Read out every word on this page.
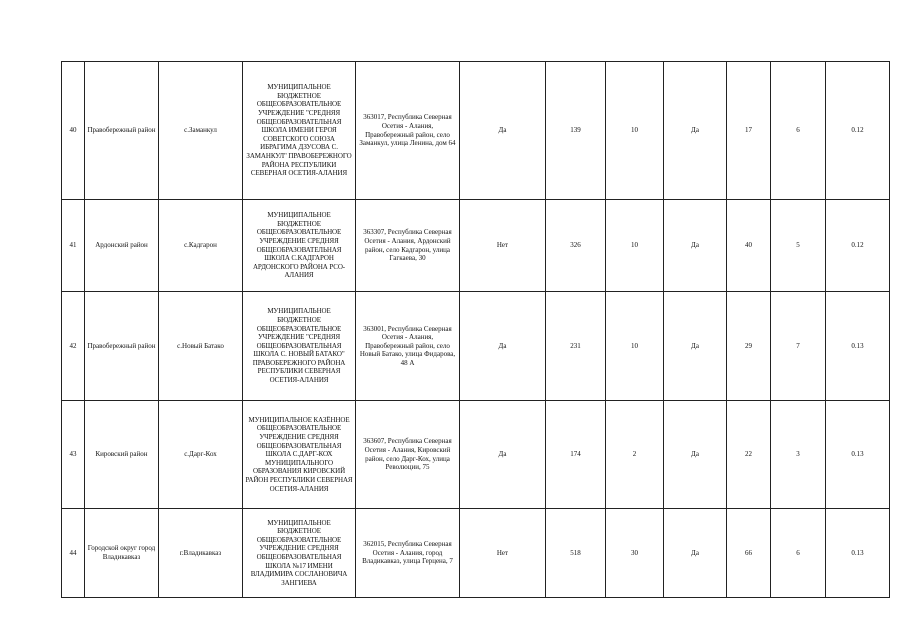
40	Правобережный район	с.Заманкул	МУНИЦИПАЛЬНОЕ БЮДЖЕТНОЕ ОБЩЕОБРАЗОВАТЕЛЬНОЕ УЧРЕЖДЕНИЕ "СРЕДНЯЯ ОБЩЕОБРАЗОВАТЕЛЬНАЯ ШКОЛА ИМЕНИ ГЕРОЯ СОВЕТСКОГО СОЮЗА ИБРАГИМА ДЗУСОВА С. ЗАМАНКУЛ" ПРАВОБЕРЕЖНОГО РАЙОНА РЕСПУБЛИКИ СЕВЕРНАЯ ОСЕТИЯ-АЛАНИЯ	363017, Республика Северная Осетия - Алания, Правобережный район, село Заманкул, улица Ленина, дом 64	Да	139	10	Да	17	6	0.12
41	Ардонский район	с.Кадгарон	МУНИЦИПАЛЬНОЕ БЮДЖЕТНОЕ ОБЩЕОБРАЗОВАТЕЛЬНОЕ УЧРЕЖДЕНИЕ СРЕДНЯЯ ОБЩЕОБРАЗОВАТЕЛЬНАЯ ШКОЛА С.КАДГАРОН АРДОНСКОГО РАЙОНА РСО-АЛАНИЯ	363307, Республика Северная Осетия - Алания, Ардонский район, село Кадгарон, улица Гагкаева, 30	Нет	326	10	Да	40	5	0.12
42	Правобережный район	с.Новый Батако	МУНИЦИПАЛЬНОЕ БЮДЖЕТНОЕ ОБЩЕОБРАЗОВАТЕЛЬНОЕ УЧРЕЖДЕНИЕ "СРЕДНЯЯ ОБЩЕОБРАЗОВАТЕЛЬНАЯ ШКОЛА С. НОВЫЙ БАТАКО" ПРАВОБЕРЕЖНОГО РАЙОНА РЕСПУБЛИКИ СЕВЕРНАЯ ОСЕТИЯ-АЛАНИЯ	363001, Республика Северная Осетия - Алания, Правобережный район, село Новый Батако, улица Фидарова, 48 А	Да	231	10	Да	29	7	0.13
43	Кировский район	с.Дарг-Кох	МУНИЦИПАЛЬНОЕ КАЗЁННОЕ ОБЩЕОБРАЗОВАТЕЛЬНОЕ УЧРЕЖДЕНИЕ СРЕДНЯЯ ОБЩЕОБРАЗОВАТЕЛЬНАЯ ШКОЛА С.ДАРГ-КОХ МУНИЦИПАЛЬНОГО ОБРАЗОВАНИЯ КИРОВСКИЙ РАЙОН РЕСПУБЛИКИ СЕВЕРНАЯ ОСЕТИЯ-АЛАНИЯ	363607, Республика Северная Осетия - Алания, Кировский район, село Дарг-Кох, улица Революции, 75	Да	174	2	Да	22	3	0.13
44	Городской округ город Владикавказ	г.Владикавказ	МУНИЦИПАЛЬНОЕ БЮДЖЕТНОЕ ОБЩЕОБРАЗОВАТЕЛЬНОЕ УЧРЕЖДЕНИЕ СРЕДНЯЯ ОБЩЕОБРАЗОВАТЕЛЬНАЯ ШКОЛА №17 ИМЕНИ ВЛАДИМИРА СОСЛАНОВИЧА ЗАНГИЕВА	362015, Республика Северная Осетия - Алания, город Владикавказ, улица Герцена, 7	Нет	518	30	Да	66	6	0.13
